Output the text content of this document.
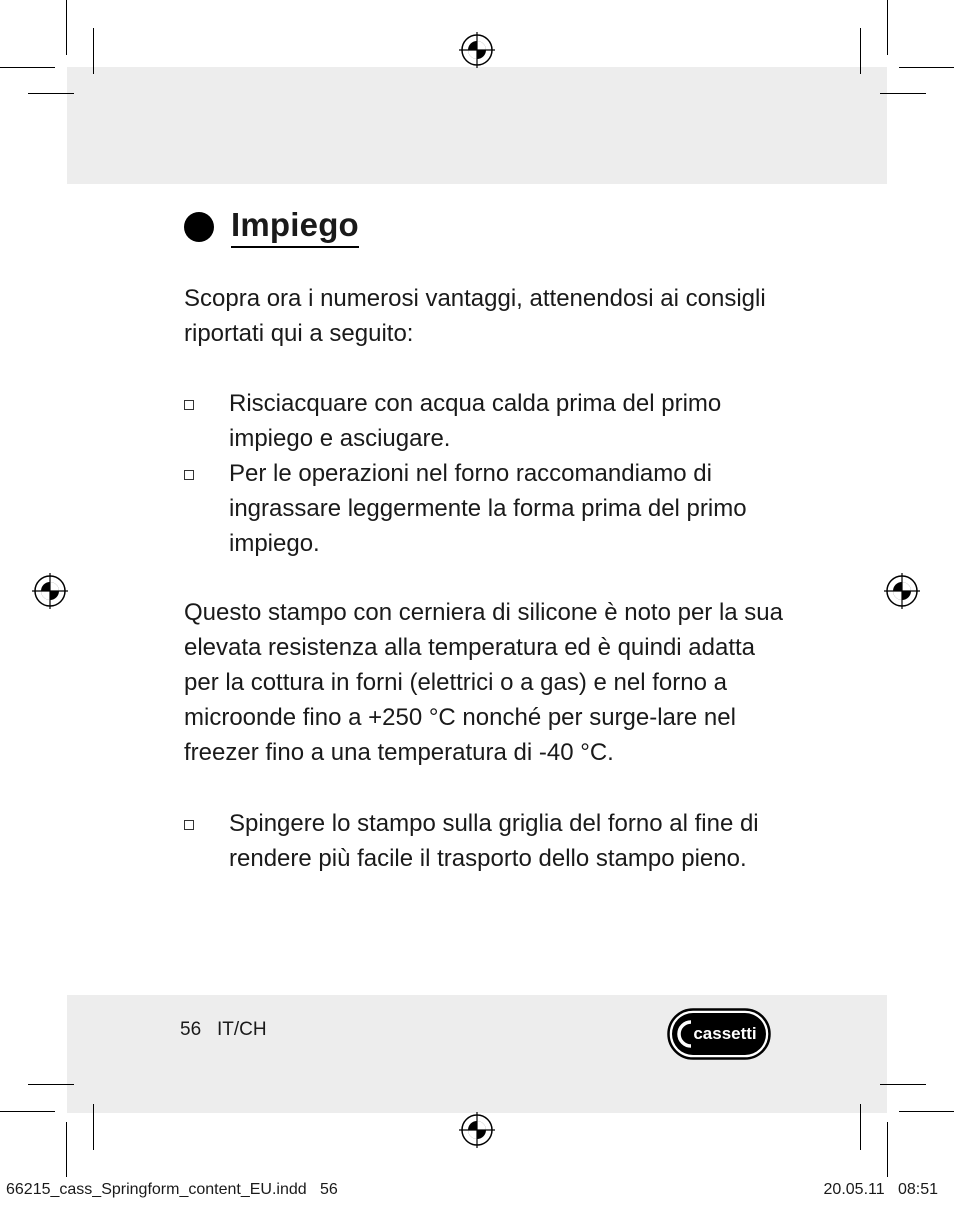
Impiego

Scopra ora i numerosi vantaggi, attenendosi ai consigli riportati qui a seguito:

Risciacquare con acqua calda prima del primo impiego e asciugare.
Per le operazioni nel forno raccomandiamo di ingrassare leggermente la forma prima del primo impiego.

Questo stampo con cerniera di silicone è noto per la sua elevata resistenza alla temperatura ed è quindi adatta per la cottura in forni (elettrici o a gas) e nel forno a microonde fino a +250 °C nonché per surge-lare nel freezer fino a una temperatura di -40 °C.

Spingere lo stampo sulla griglia del forno al fine di rendere più facile il trasporto dello stampo pieno.
56 IT/CH	cassetti
66215_cass_Springform_content_EU.indd   56	20.05.11   08:51
